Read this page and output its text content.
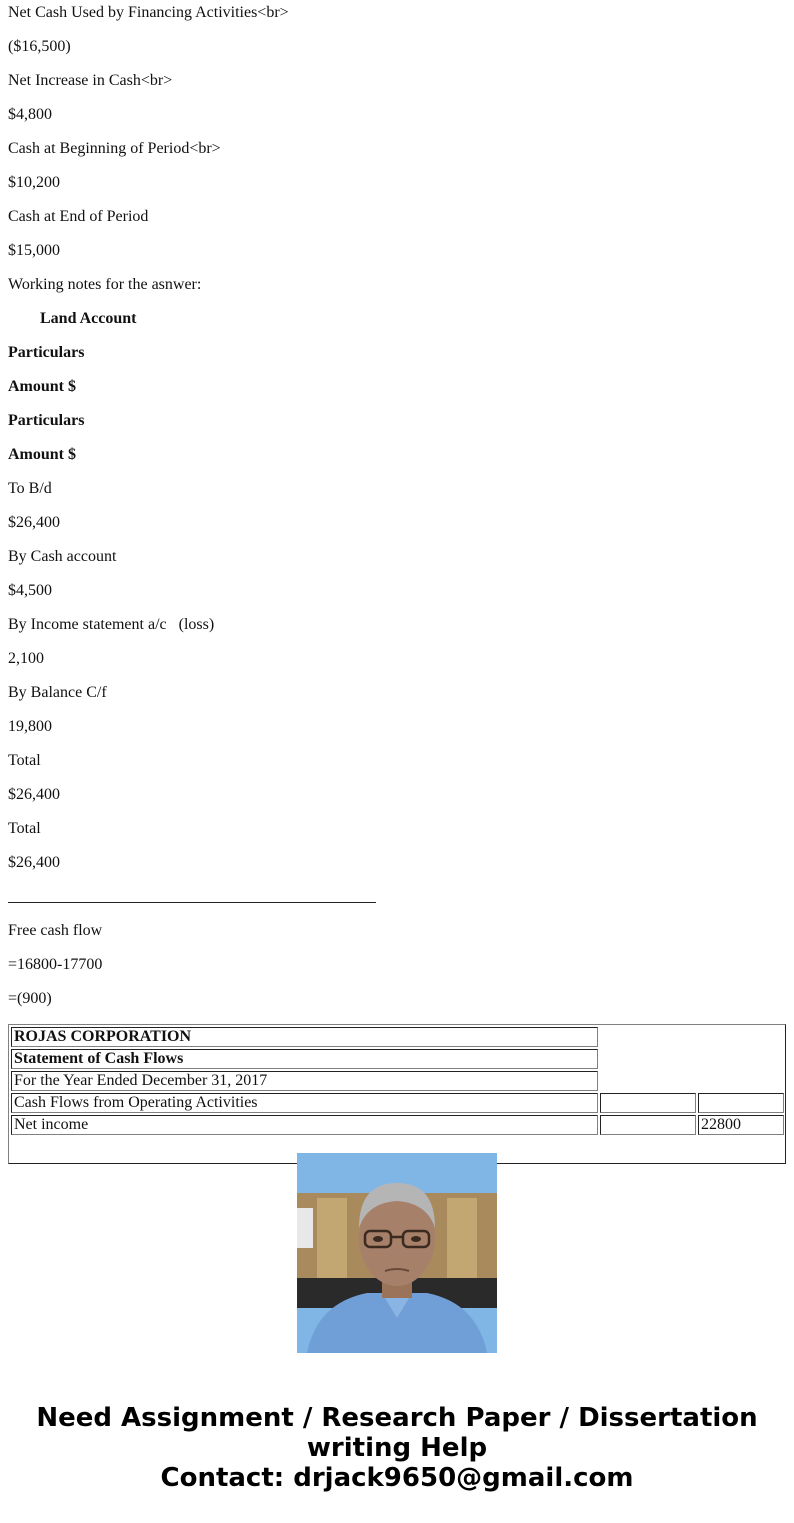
Net Cash Used by Financing Activities<br>

($16,500)

Net Increase in Cash<br>

$4,800

Cash at Beginning of Period<br>

$10,200

Cash at End of Period

$15,000

Working notes for the asnwer:

Land Account

Particulars

Amount $

Particulars

Amount $

To B/d

$26,400

By Cash account

$4,500

By Income statement a/c   (loss)

2,100

By Balance C/f

19,800

Total

$26,400

Total

$26,400

Free cash flow

=16800-17700

=(900)

ROJAS CORPORATION
Statement of Cash Flows
For the Year Ended December 31, 2017
Cash Flows from Operating Activities
Net income	22800
Need Assignment / Research Paper / Dissertation
writing Help
Contact: drjack9650@gmail.com
